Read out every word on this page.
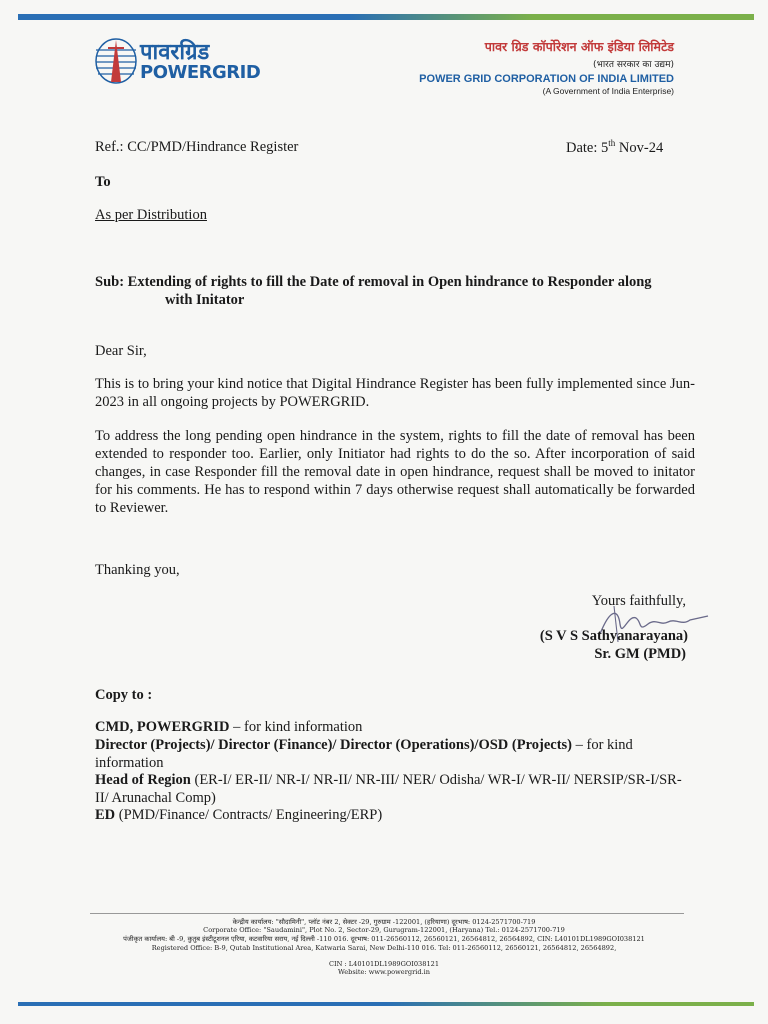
पावरग्रिड
POWERGRID
पावर ग्रिड कॉर्पोरेशन ऑफ इंडिया लिमिटेड
(भारत सरकार का उद्यम)
POWER GRID CORPORATION OF INDIA LIMITED
(A Government of India Enterprise)
Ref.: CC/PMD/Hindrance Register	Date: 5th Nov-24
To
As per Distribution
Sub: Extending of rights to fill the Date of removal in Open hindrance to Responder along
with Initator
Dear Sir,
This is to bring your kind notice that Digital Hindrance Register has been fully implemented since Jun-2023 in all ongoing projects by POWERGRID.
To address the long pending open hindrance in the system, rights to fill the date of removal has been extended to responder too. Earlier, only Initiator had rights to do the so. After incorporation of said changes, in case Responder fill the removal date in open hindrance, request shall be moved to initator for his comments. He has to respond within 7 days otherwise request shall automatically be forwarded to Reviewer.
Thanking you,
Yours faithfully,
(S V S Sathyanarayana)
Sr. GM (PMD)
Copy to :
CMD, POWERGRID – for kind information
Director (Projects)/ Director (Finance)/ Director (Operations)/OSD (Projects) – for kind information
Head of Region (ER-I/ ER-II/ NR-I/ NR-II/ NR-III/ NER/ Odisha/ WR-I/ WR-II/ NERSIP/SR-I/SR-II/ Arunachal Comp)
ED (PMD/Finance/ Contracts/ Engineering/ERP)
केन्द्रीय कार्यालय: "सौदामिनी", प्लॉट नंबर 2, सेक्टर -29, गुरुग्राम -122001, (हरियाणा) दूरभाष: 0124-2571700-719
Corporate Office: "Saudamini", Plot No. 2, Sector-29, Gurugram-122001, (Haryana) Tel.: 0124-2571700-719
पंजीकृत कार्यालय: बी -9, कुतुब इंस्टीटूशनल एरिया, कटवारिया सराय, नई दिल्ली -110 016. दूरभाष: 011-26560112, 26560121, 26564812, 26564892, CIN: L40101DL1989GOI038121
Registered Office: B-9, Qutab Institutional Area, Katwaria Sarai, New Delhi-110 016. Tel: 011-26560112, 26560121, 26564812, 26564892,
CIN : L40101DL1989GOI038121
Website: www.powergrid.in
